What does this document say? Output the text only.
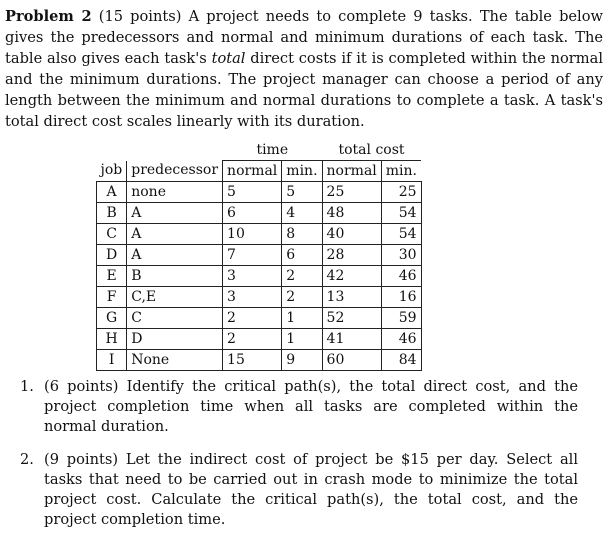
Problem 2 (15 points) A project needs to complete 9 tasks. The table below gives the predecessors and normal and minimum durations of each task. The table also gives each task's total direct costs if it is completed within the normal and the minimum durations. The project manager can choose a period of any length between the minimum and normal durations to complete a task. A task's total direct cost scales linearly with its duration.
		time		total cost	
job	predecessor	normal	min.	normal	min.
A	none	5	5	25	25
B	A	6	4	48	54
C	A	10	8	40	54
D	A	7	6	28	30
E	B	3	2	42	46
F	C,E	3	2	13	16
G	C	2	1	52	59
H	D	2	1	41	46
I	None	15	9	60	84
1. (6 points) Identify the critical path(s), the total direct cost, and the project completion time when all tasks are completed within the normal duration.
2. (9 points) Let the indirect cost of project be $15 per day. Select all tasks that need to be carried out in crash mode to minimize the total project cost. Calculate the critical path(s), the total cost, and the project completion time.
